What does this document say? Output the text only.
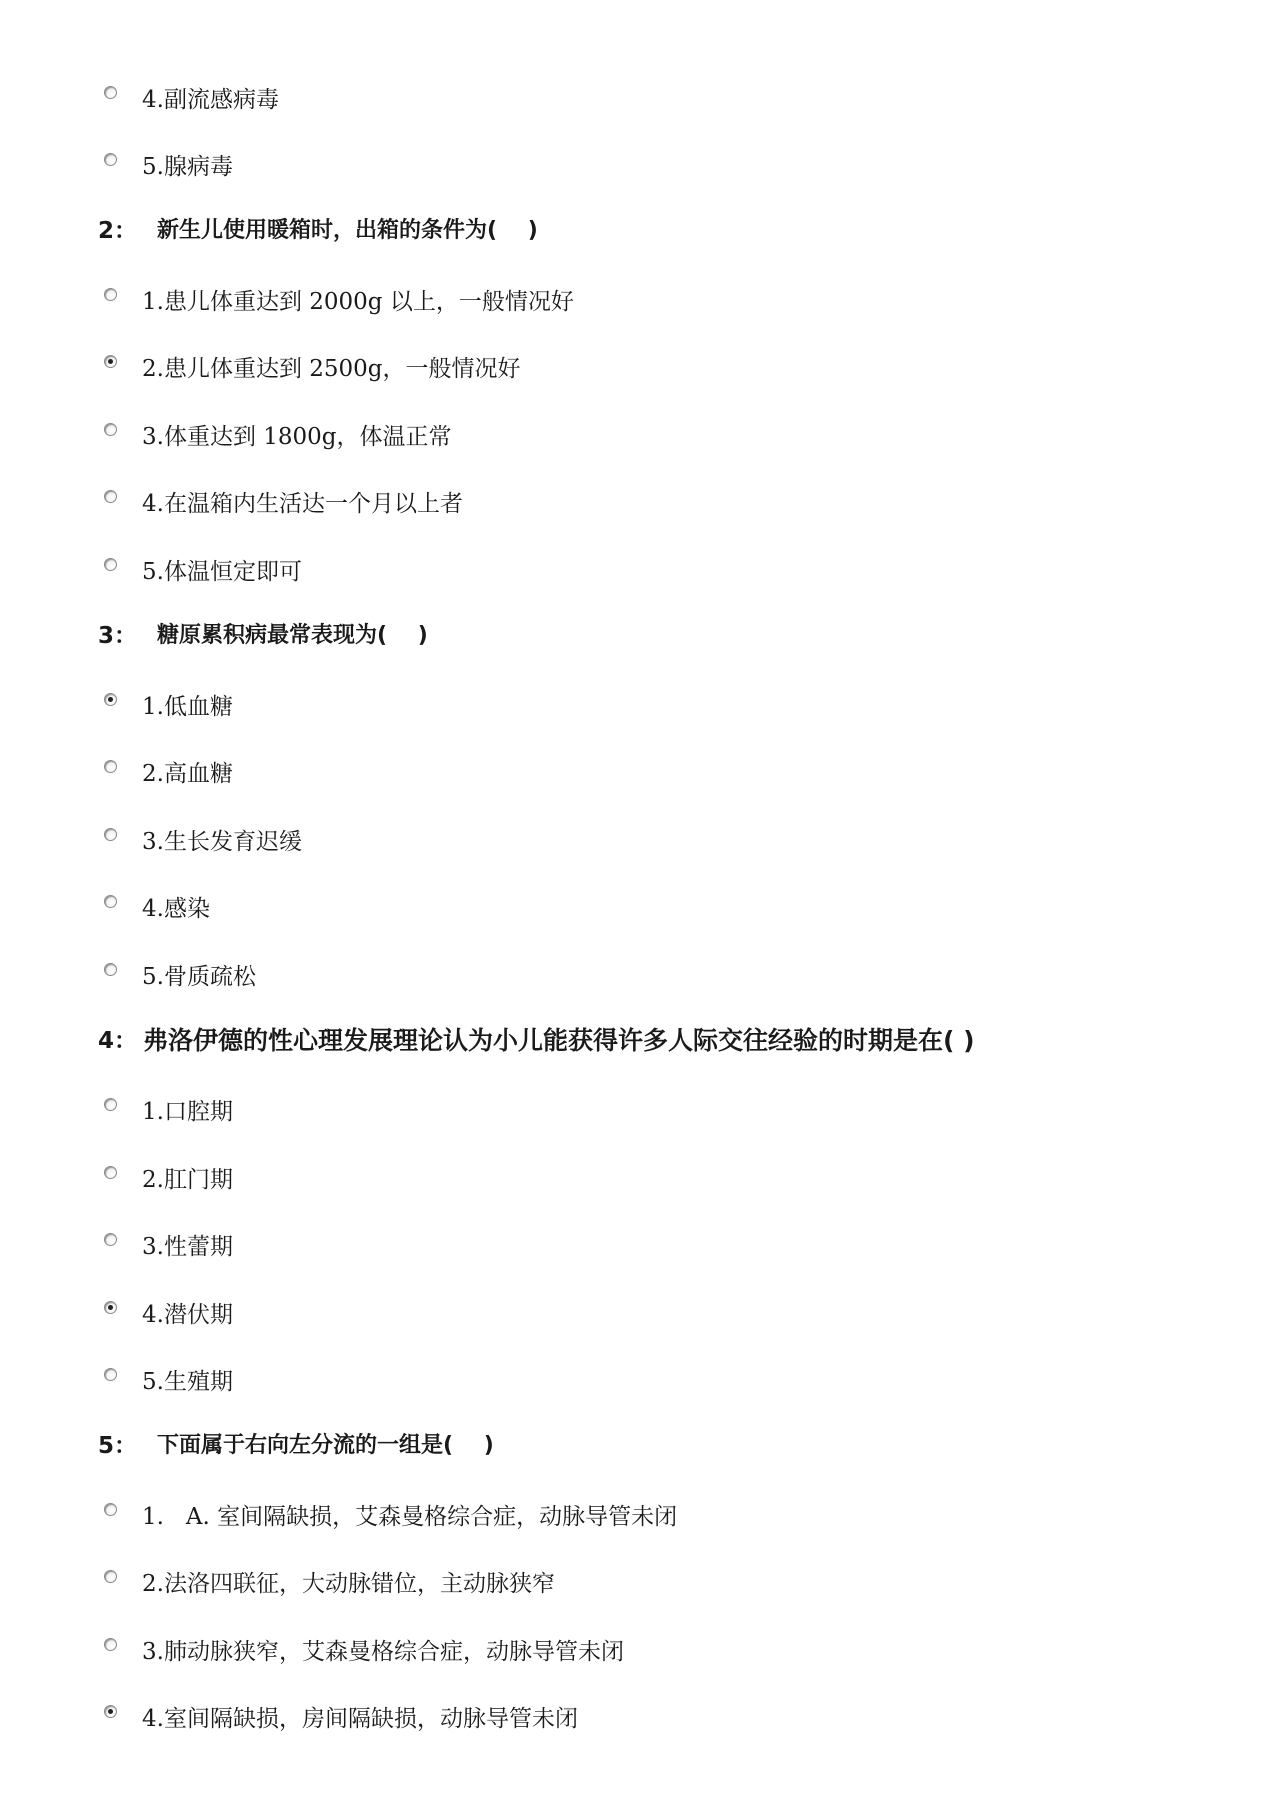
4.副流感病毒
5.腺病毒
2： 新生儿使用暖箱时，出箱的条件为(    )
1.患儿体重达到 2000g 以上，一般情况好
2.患儿体重达到 2500g，一般情况好
3.体重达到 1800g，体温正常
4.在温箱内生活达一个月以上者
5.体温恒定即可
3： 糖原累积病最常表现为(    )
1.低血糖
2.高血糖
3.生长发育迟缓
4.感染
5.骨质疏松
4： 弗洛伊德的性心理发展理论认为小儿能获得许多人际交往经验的时期是在( )
1.口腔期
2.肛门期
3.性蕾期
4.潜伏期
5.生殖期
5： 下面属于右向左分流的一组是(    )
1.   A. 室间隔缺损，艾森曼格综合症，动脉导管未闭
2.法洛四联征，大动脉错位，主动脉狭窄
3.肺动脉狭窄，艾森曼格综合症，动脉导管未闭
4.室间隔缺损，房间隔缺损，动脉导管未闭
